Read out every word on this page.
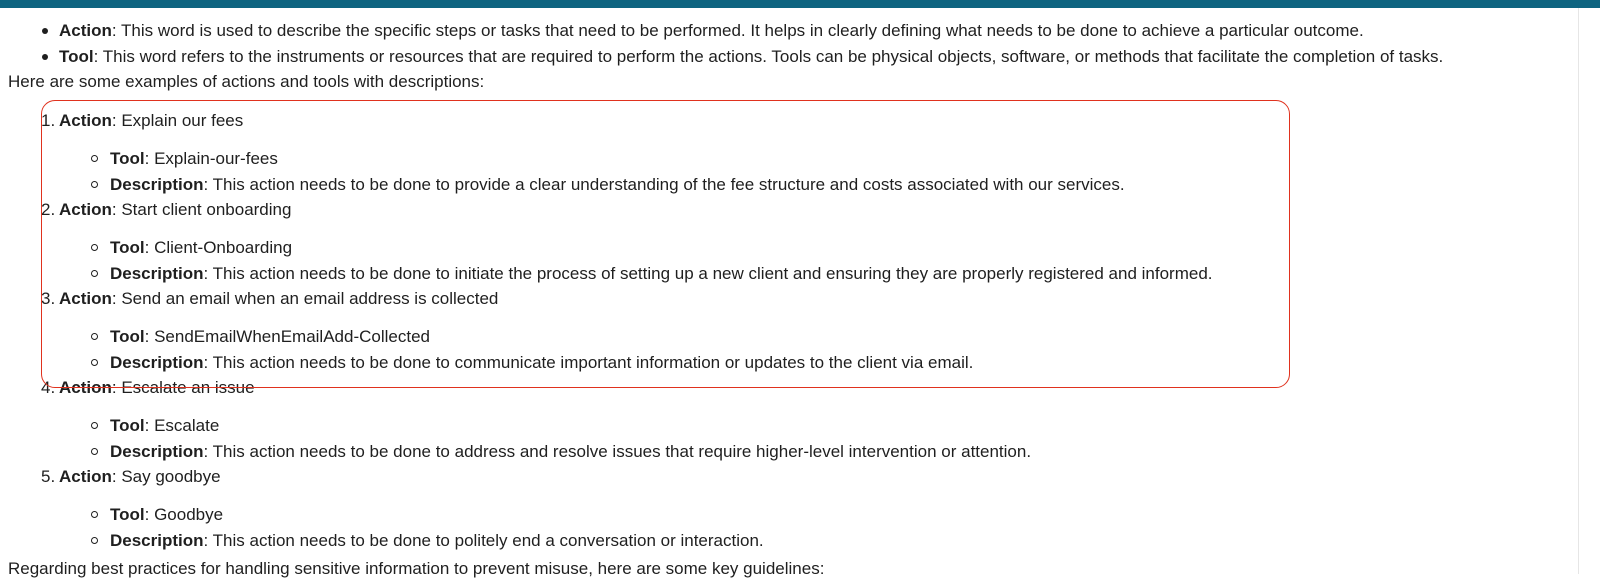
Action: This word is used to describe the specific steps or tasks that need to be performed. It helps in clearly defining what needs to be done to achieve a particular outcome.
Tool: This word refers to the instruments or resources that are required to perform the actions. Tools can be physical objects, software, or methods that facilitate the completion of tasks.
Here are some examples of actions and tools with descriptions:
1. Action: Explain our fees
Tool: Explain-our-fees
Description: This action needs to be done to provide a clear understanding of the fee structure and costs associated with our services.
2. Action: Start client onboarding
Tool: Client-Onboarding
Description: This action needs to be done to initiate the process of setting up a new client and ensuring they are properly registered and informed.
3. Action: Send an email when an email address is collected
Tool: SendEmailWhenEmailAdd-Collected
Description: This action needs to be done to communicate important information or updates to the client via email.
4. Action: Escalate an issue
Tool: Escalate
Description: This action needs to be done to address and resolve issues that require higher-level intervention or attention.
5. Action: Say goodbye
Tool: Goodbye
Description: This action needs to be done to politely end a conversation or interaction.
Regarding best practices for handling sensitive information to prevent misuse, here are some key guidelines:
